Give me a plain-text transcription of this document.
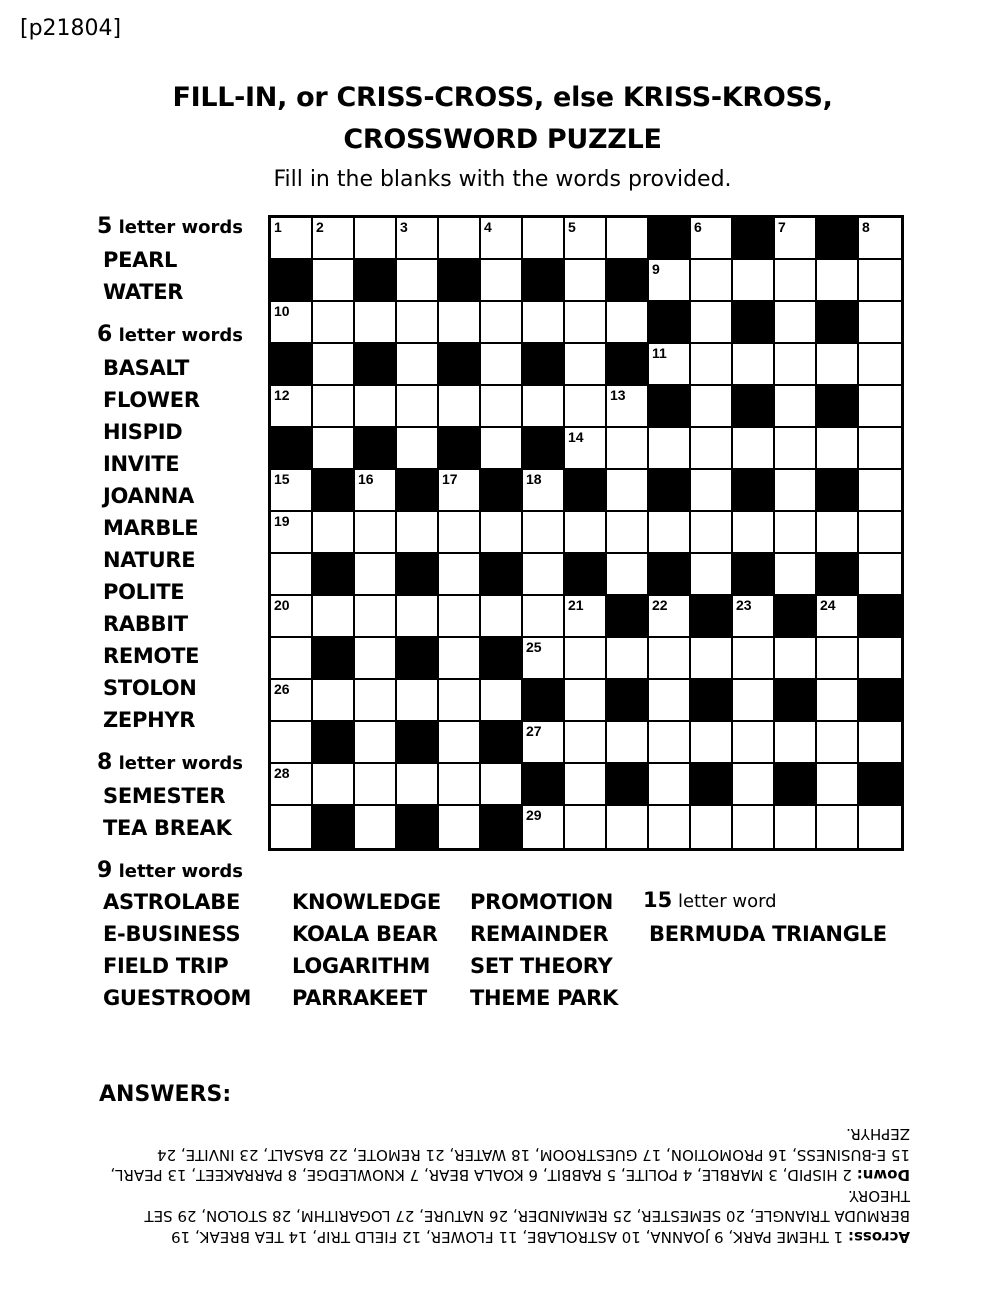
[p21804]
FILL-IN, or CRISS-CROSS, else KRISS-KROSS,
CROSSWORD PUZZLE
Fill in the blanks with the words provided.
5 letter words
PEARL
WATER
6 letter words
BASALT
FLOWER
HISPID
INVITE
JOANNA
MARBLE
NATURE
POLITE
RABBIT
REMOTE
STOLON
ZEPHYR
8 letter words
SEMESTER
TEA BREAK
1 2	3	4	5	6	7	8
9
10
11
12	13
14
15	16	17	18
19
20	21	22	23	24
25
26
27
28
29
9 letter words
ASTROLABE
E-BUSINESS
FIELD TRIP
GUESTROOM
KNOWLEDGE
KOALA BEAR
LOGARITHM
PARRAKEET
PROMOTION
REMAINDER
SET THEORY
THEME PARK
15 letter word
BERMUDA TRIANGLE
ANSWERS:

Across: 1 THEME PARK, 9 JOANNA, 10 ASTROLABE, 11 FLOWER, 12 FIELD TRIP, 14 TEA BREAK, 19 BERMUDA TRIANGLE, 20 SEMESTER, 25 REMAINDER, 26 NATURE, 27 LOGARITHM, 28 STOLON, 29 SET THEORY.

Down: 2 HISPID, 3 MARBLE, 4 POLITE, 5 RABBIT, 6 KOALA BEAR, 7 KNOWLEDGE, 8 PARRAKEET, 13 PEARL, 15 E-BUSINESS, 16 PROMOTION, 17 GUESTROOM, 18 WATER, 21 REMOTE, 22 BASALT, 23 INVITE, 24 ZEPHYR.
